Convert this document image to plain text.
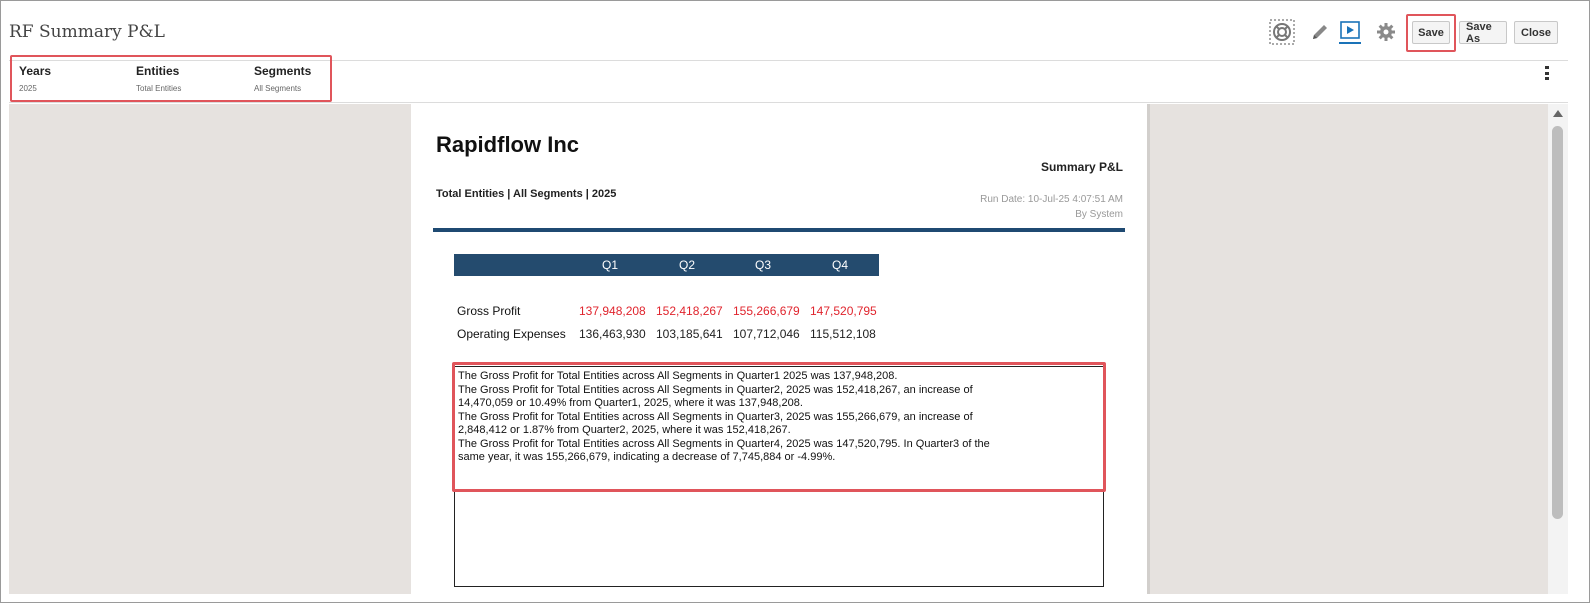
RF Summary P&L	Save	Save As	Close
Years
2025
Entities
Total Entities
Segments
All Segments
Rapidflow Inc
Summary P&L
Total Entities | All Segments | 2025	Run Date: 10-Jul-25 4:07:51 AM
By System
Q1	Q2	Q3	Q4
Gross Profit	137,948,208 152,418,267 155,266,679 147,520,795
Operating Expenses 136,463,930 103,185,641 107,712,046 115,512,108

The Gross Profit for Total Entities across All Segments in Quarter1 2025 was 137,948,208.

The Gross Profit for Total Entities across All Segments in Quarter2, 2025 was 152,418,267, an increase of

14,470,059 or 10.49% from Quarter1, 2025, where it was 137,948,208.

The Gross Profit for Total Entities across All Segments in Quarter3, 2025 was 155,266,679, an increase of

2,848,412 or 1.87% from Quarter2, 2025, where it was 152,418,267.

The Gross Profit for Total Entities across All Segments in Quarter4, 2025 was 147,520,795. In Quarter3 of the

same year, it was 155,266,679, indicating a decrease of 7,745,884 or -4.99%.
